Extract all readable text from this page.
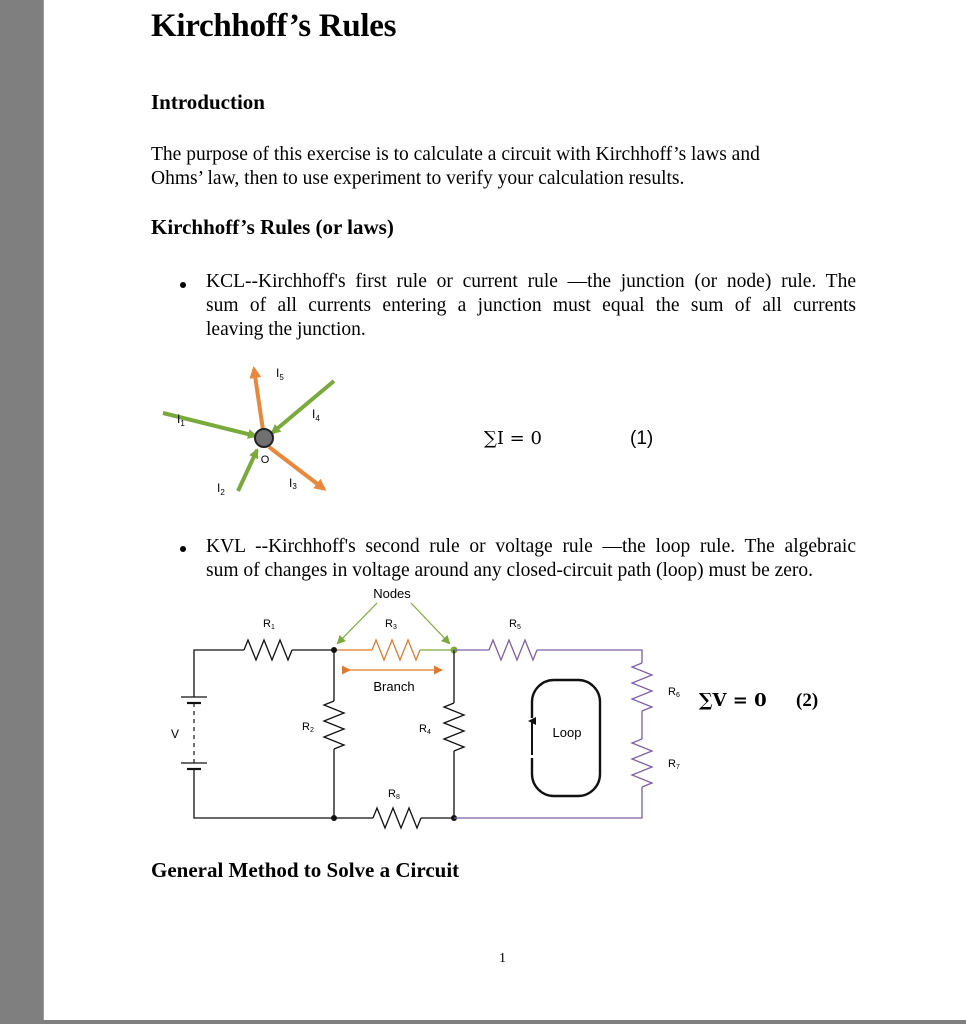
Kirchhoff’s Rules
Introduction
The purpose of this exercise is to calculate a circuit with Kirchhoff’s laws and
Ohms’ law, then to use experiment to verify your calculation results.
Kirchhoff’s Rules (or laws)
KCL--Kirchhoff's first rule or current rule —the junction (or node) rule. The
sum of all currents entering a junction must equal the sum of all currents
leaving the junction.
O
$I_5$
$I_1$
$I_4$
$I_2$
I3
∑I = 0	(1)
KVL --Kirchhoff's second rule or voltage rule —the loop rule. The algebraic
sum of changes in voltage around any closed-circuit path (loop) must be zero.
Nodes
R1
V	R2
R3
Branch
R4
R8
R5
R6
R7
Loop
∑V = 0 (2)
General Method to Solve a Circuit
1
